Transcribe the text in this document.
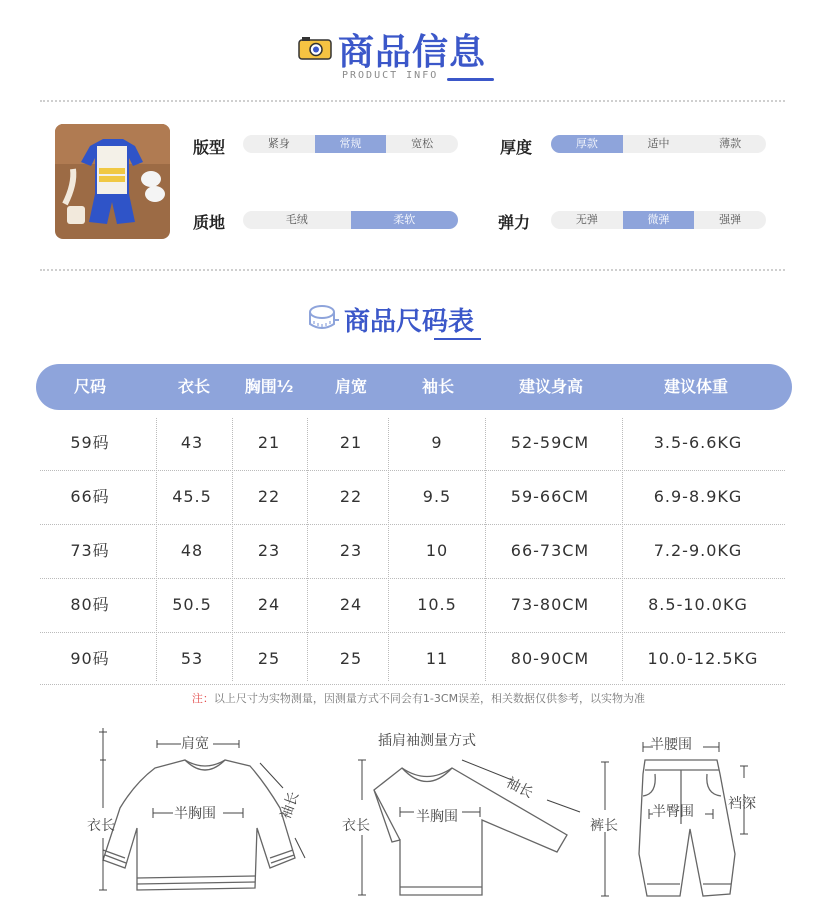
商品信息
PRODUCT INFO
版型	紧身	常规	宽松	厚度	厚款	适中	薄款
质地	毛绒	柔软	弹力	无弹	微弹	强弹
商品尺码表
尺码	衣长	胸围½	肩宽	袖长	建议身高	建议体重
59码	43	21	21	9	52-59CM	3.5-6.6KG
66码	45.5	22	22	9.5	59-66CM	6.9-8.9KG
73码	48	23	23	10	66-73CM	7.2-9.0KG
80码	50.5	24	24	10.5	73-80CM	8.5-10.0KG
90码	53	25	25	11	80-90CM	10.0-12.5KG
注：以上尺寸为实物测量，因测量方式不同会有1-3CM误差，相关数据仅供参考，以实物为准
肩宽
半胸围
衣长
袖长
插肩袖测量方式
衣长
半胸围
袖长
半腰围
半臀围
裤长
裆深
